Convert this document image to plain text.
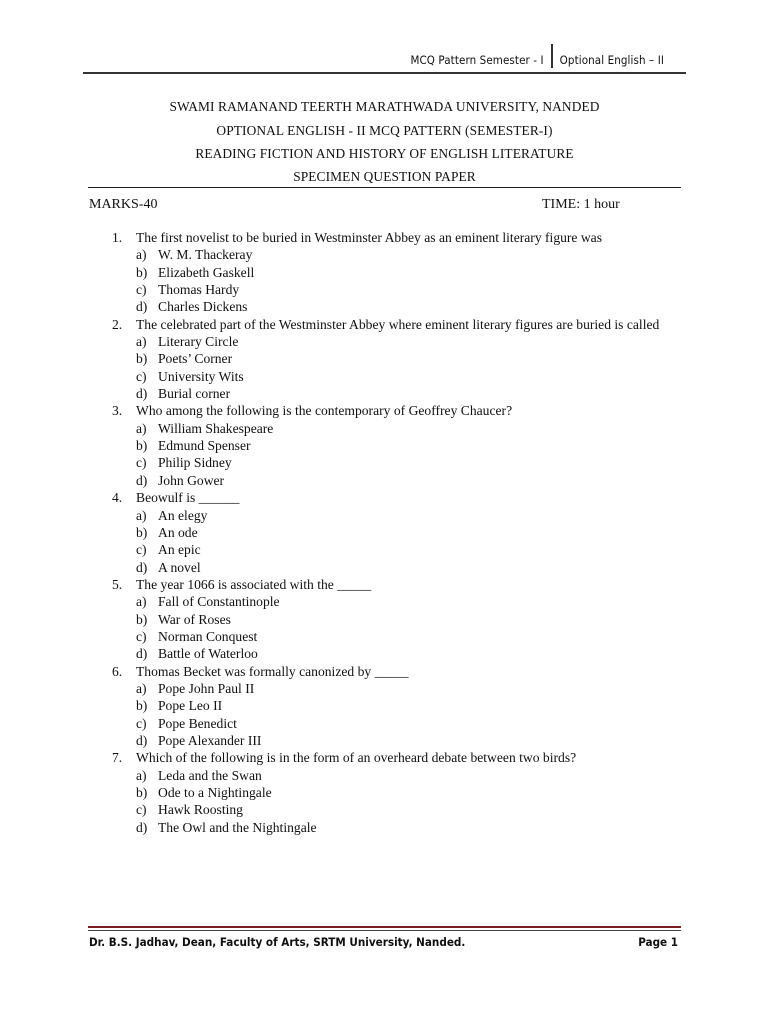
MCQ Pattern Semester - I Optional English – II
SWAMI RAMANAND TEERTH MARATHWADA UNIVERSITY, NANDED
OPTIONAL ENGLISH - II MCQ PATTERN (SEMESTER-I)
READING FICTION AND HISTORY OF ENGLISH LITERATURE
SPECIMEN QUESTION PAPER
MARKS-40	TIME: 1 hour
1.	The first novelist to be buried in Westminster Abbey as an eminent literary figure was
a) W. M. Thackeray
b) Elizabeth Gaskell
c) Thomas Hardy
d) Charles Dickens
2.	The celebrated part of the Westminster Abbey where eminent literary figures are buried is called
a) Literary Circle
b) Poets’ Corner
c) University Wits
d) Burial corner
3.	Who among the following is the contemporary of Geoffrey Chaucer?
a) William Shakespeare
b) Edmund Spenser
c) Philip Sidney
d) John Gower
4.	Beowulf is ______
a) An elegy
b) An ode
c) An epic
d) A novel
5.	The year 1066 is associated with the _____
a) Fall of Constantinople
b) War of Roses
c) Norman Conquest
d) Battle of Waterloo
6.	Thomas Becket was formally canonized by _____
a) Pope John Paul II
b) Pope Leo II
c) Pope Benedict
d) Pope Alexander III
7.	Which of the following is in the form of an overheard debate between two birds?
a) Leda and the Swan
b) Ode to a Nightingale
c) Hawk Roosting
d) The Owl and the Nightingale
Dr. B.S. Jadhav, Dean, Faculty of Arts, SRTM University, Nanded.	Page 1
